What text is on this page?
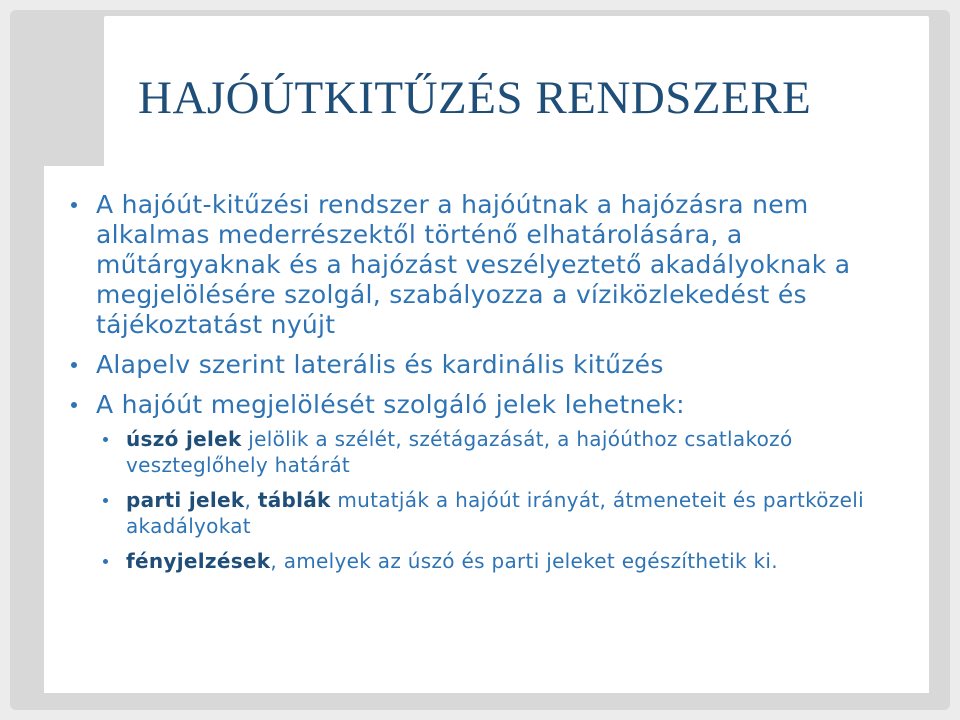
HAJÓÚTKITŰZÉS RENDSZERE
A hajóút-kitűzési rendszer a hajóútnak a hajózásra nem alkalmas mederrészektől történő elhatárolására, a műtárgyaknak és a hajózást veszélyeztető akadályoknak a megjelölésére szolgál, szabályozza a víziközlekedést és tájékoztatást nyújt
Alapelv szerint laterális és kardinális kitűzés
A hajóút megjelölését szolgáló jelek lehetnek:
úszó jelek jelölik a szélét, szétágazását, a hajóúthoz csatlakozó veszteglőhely határát
parti jelek, táblák mutatják a hajóút irányát, átmeneteit és partközeli akadályokat
fényjelzések, amelyek az úszó és parti jeleket egészíthetik ki.
